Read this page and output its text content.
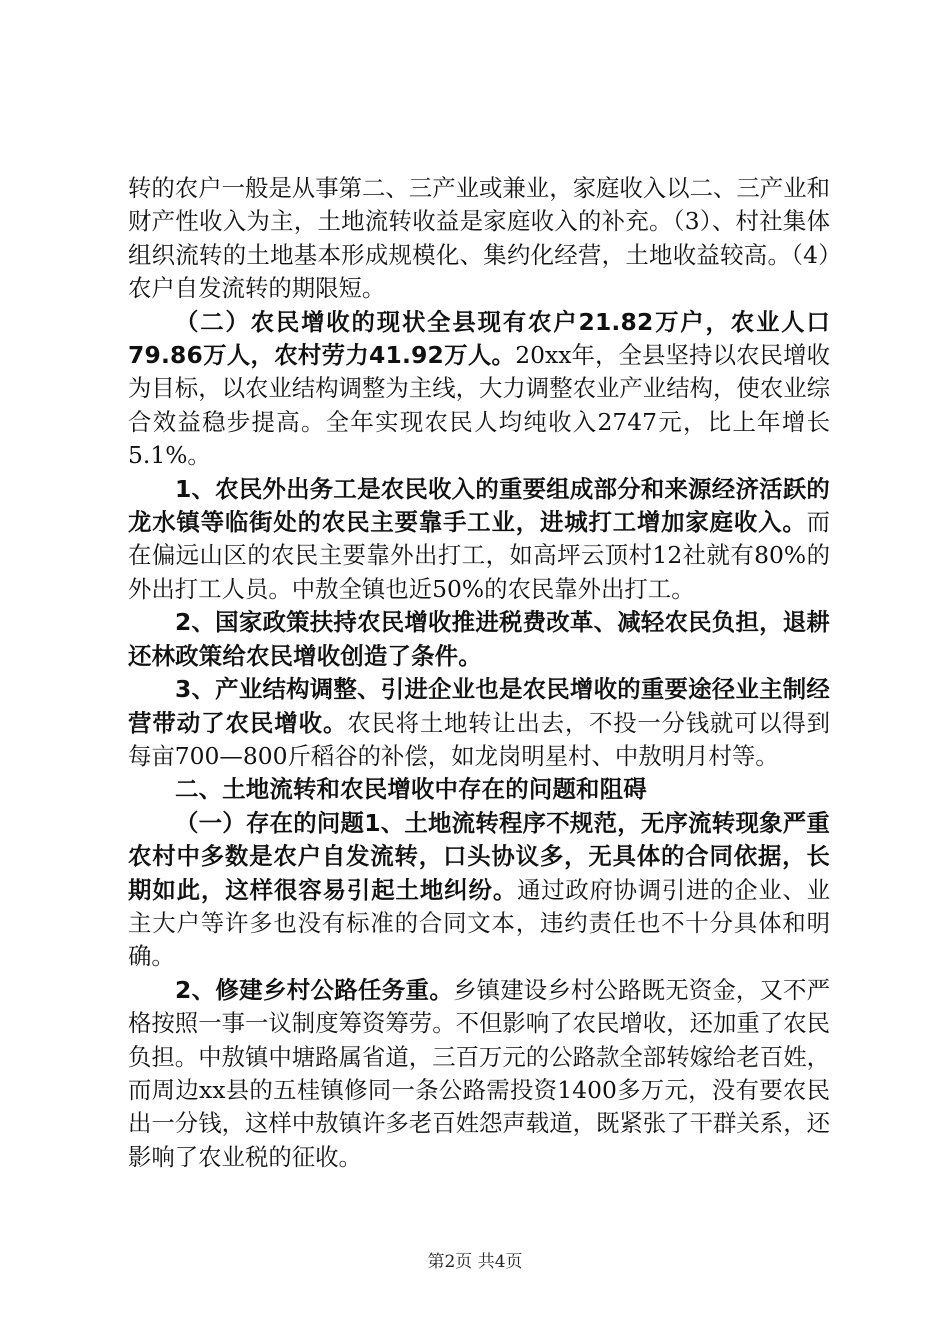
转的农户一般是从事第二、三产业或兼业，家庭收入以二、三产业和财产性收入为主，土地流转收益是家庭收入的补充。（3）、村社集体组织流转的土地基本形成规模化、集约化经营，土地收益较高。（4）农户自发流转的期限短。

（二）农民增收的现状全县现有农户21.82万户，农业人口79.86万人，农村劳力41.92万人。20xx年，全县坚持以农民增收为目标，以农业结构调整为主线，大力调整农业产业结构，使农业综合效益稳步提高。全年实现农民人均纯收入2747元，比上年增长5.1%。

1、农民外出务工是农民收入的重要组成部分和来源经济活跃的龙水镇等临街处的农民主要靠手工业，进城打工增加家庭收入。而在偏远山区的农民主要靠外出打工，如高坪云顶村12社就有80%的外出打工人员。中敖全镇也近50%的农民靠外出打工。

2、国家政策扶持农民增收推进税费改革、减轻农民负担，退耕还林政策给农民增收创造了条件。

3、产业结构调整、引进企业也是农民增收的重要途径业主制经营带动了农民增收。农民将土地转让出去，不投一分钱就可以得到每亩700—800斤稻谷的补偿，如龙岗明星村、中敖明月村等。

二、土地流转和农民增收中存在的问题和阻碍

（一）存在的问题1、土地流转程序不规范，无序流转现象严重农村中多数是农户自发流转，口头协议多，无具体的合同依据，长期如此，这样很容易引起土地纠纷。通过政府协调引进的企业、业主大户等许多也没有标准的合同文本，违约责任也不十分具体和明确。

2、修建乡村公路任务重。乡镇建设乡村公路既无资金，又不严格按照一事一议制度筹资筹劳。不但影响了农民增收，还加重了农民负担。中敖镇中塘路属省道，三百万元的公路款全部转嫁给老百姓，而周边xx县的五桂镇修同一条公路需投资1400多万元，没有要农民出一分钱，这样中敖镇许多老百姓怨声载道，既紧张了干群关系，还影响了农业税的征收。

第2页 共4页
